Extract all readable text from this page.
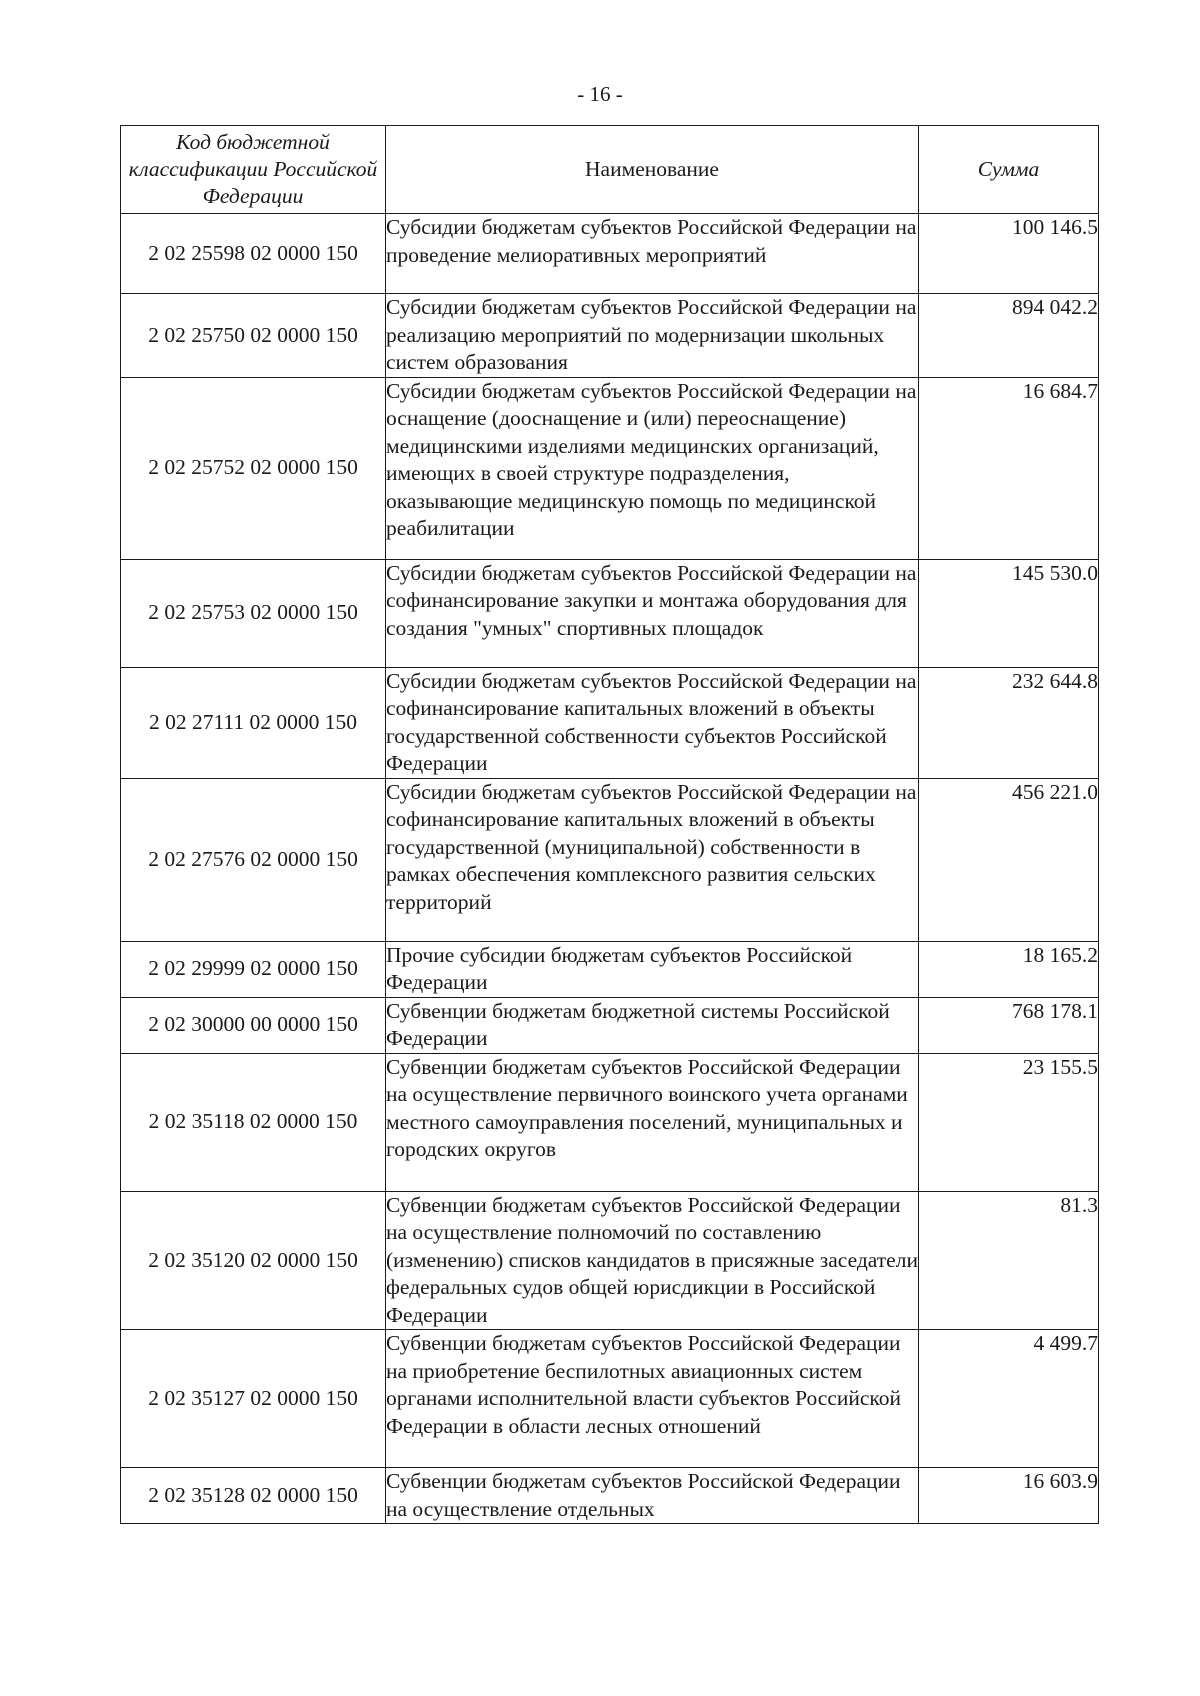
- 16 -
Код бюджетной классификации Российской Федерации	Наименование	Сумма
2 02 25598 02 0000 150	Субсидии бюджетам субъектов Российской Федерации на проведение мелиоративных мероприятий	100 146.5
2 02 25750 02 0000 150	Субсидии бюджетам субъектов Российской Федерации на реализацию мероприятий по модернизации школьных систем образования	894 042.2
2 02 25752 02 0000 150	Субсидии бюджетам субъектов Российской Федерации на оснащение (дооснащение и (или) переоснащение) медицинскими изделиями медицинских организаций, имеющих в своей структуре подразделения, оказывающие медицинскую помощь по медицинской реабилитации	16 684.7
2 02 25753 02 0000 150	Субсидии бюджетам субъектов Российской Федерации на софинансирование закупки и монтажа оборудования для создания "умных" спортивных площадок	145 530.0
2 02 27111 02 0000 150	Субсидии бюджетам субъектов Российской Федерации на софинансирование капитальных вложений в объекты государственной собственности субъектов Российской Федерации	232 644.8
2 02 27576 02 0000 150	Субсидии бюджетам субъектов Российской Федерации на софинансирование капитальных вложений в объекты государственной (муниципальной) собственности в рамках обеспечения комплексного развития сельских территорий	456 221.0
2 02 29999 02 0000 150	Прочие субсидии бюджетам субъектов Российской Федерации	18 165.2
2 02 30000 00 0000 150	Субвенции бюджетам бюджетной системы Российской Федерации	768 178.1
2 02 35118 02 0000 150	Субвенции бюджетам субъектов Российской Федерации на осуществление первичного воинского учета органами местного самоуправления поселений, муниципальных и городских округов	23 155.5
2 02 35120 02 0000 150	Субвенции бюджетам субъектов Российской Федерации на осуществление полномочий по составлению (изменению) списков кандидатов в присяжные заседатели федеральных судов общей юрисдикции в Российской Федерации	81.3
2 02 35127 02 0000 150	Субвенции бюджетам субъектов Российской Федерации на приобретение беспилотных авиационных систем органами исполнительной власти субъектов Российской Федерации в области лесных отношений	4 499.7
2 02 35128 02 0000 150	Субвенции бюджетам субъектов Российской Федерации на осуществление отдельных	16 603.9
